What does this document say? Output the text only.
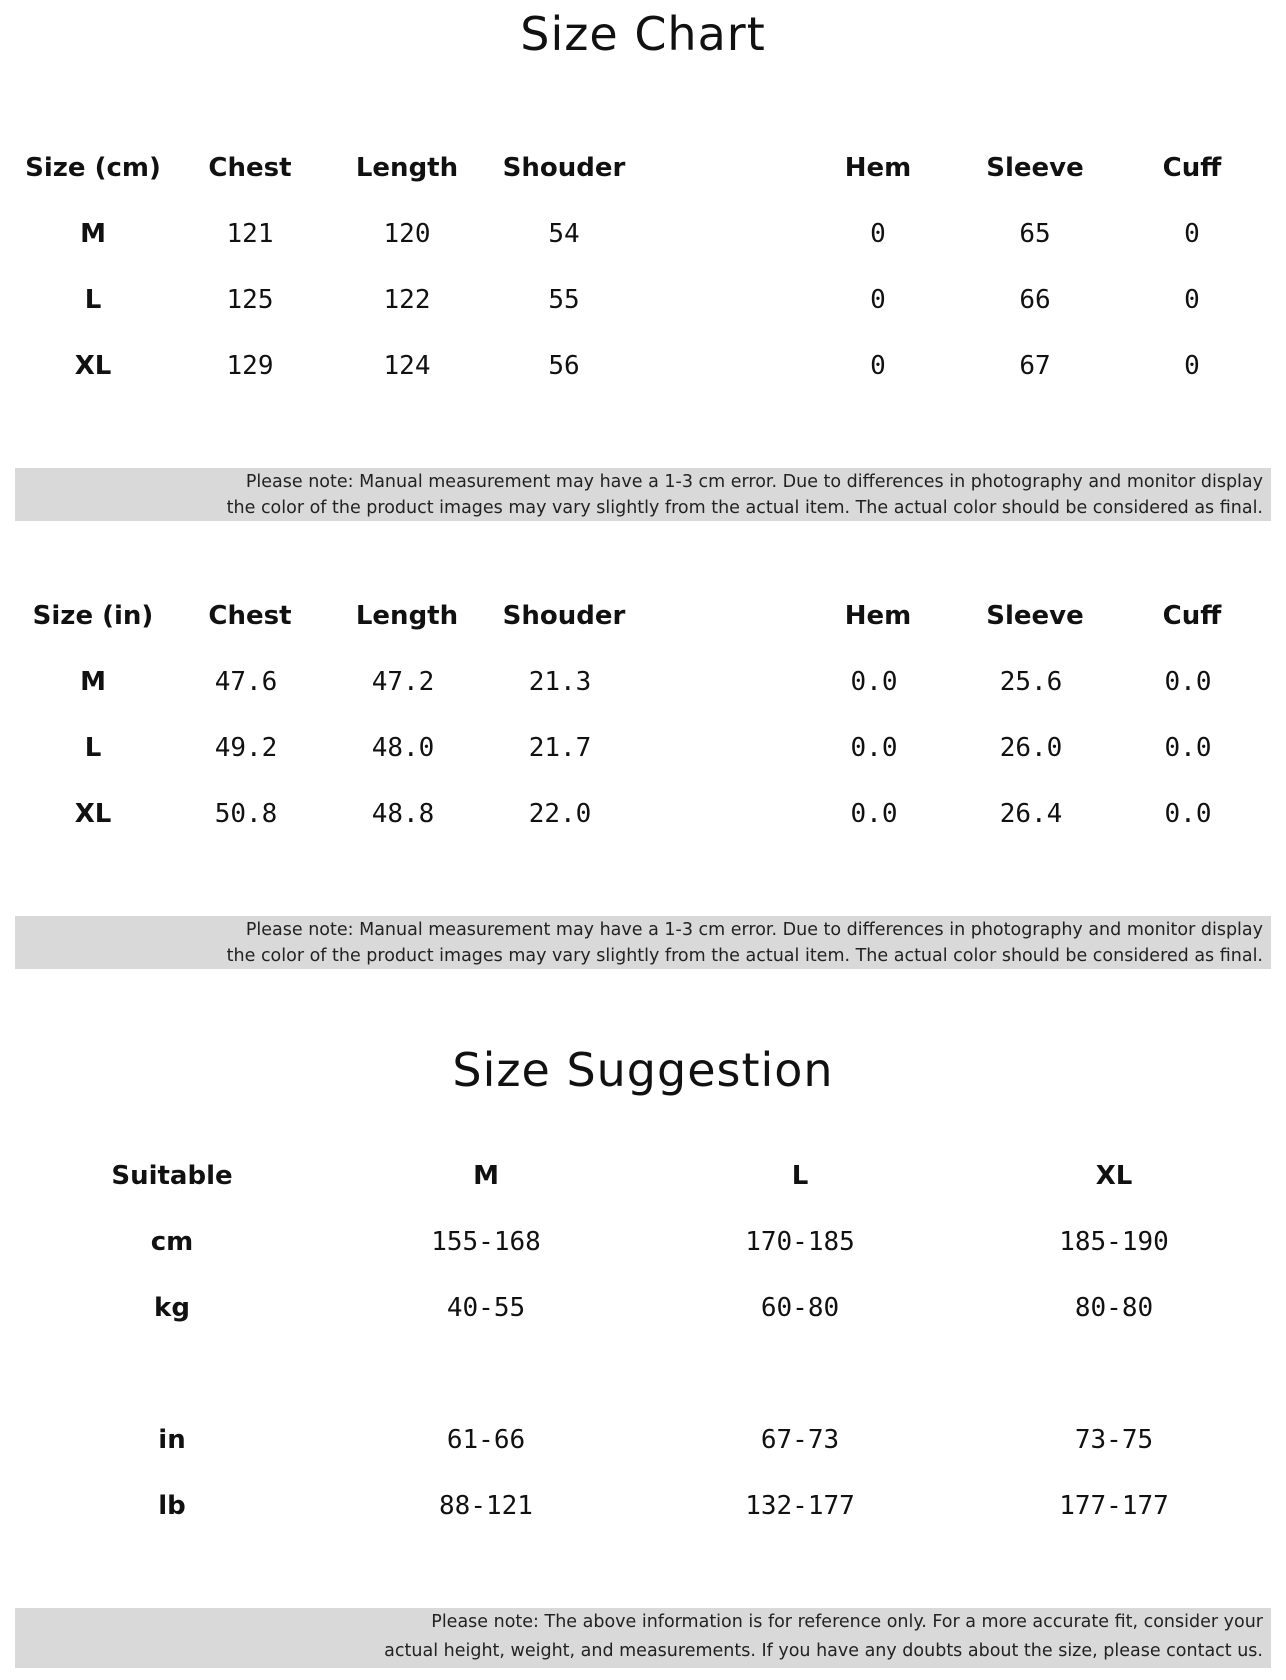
Size Chart
Size (cm)	Chest	Length	Shouder	Hem	Sleeve	Cuff
M	121	120	54	0	65	0
L	125	122	55	0	66	0
XL	129	124	56	0	67	0
Please note: Manual measurement may have a 1-3 cm error. Due to differences in photography and monitor display
the color of the product images may vary slightly from the actual item. The actual color should be considered as final.
Size (in)	Chest	Length	Shouder	Hem	Sleeve	Cuff
M	47.6	47.2	21.3	0.0	25.6	0.0
L	49.2	48.0	21.7	0.0	26.0	0.0
XL	50.8	48.8	22.0	0.0	26.4	0.0
Please note: Manual measurement may have a 1-3 cm error. Due to differences in photography and monitor display
the color of the product images may vary slightly from the actual item. The actual color should be considered as final.
Size Suggestion
Suitable	M	L	XL
cm	155-168	170-185	185-190
kg	40-55	60-80	80-80
in	61-66	67-73	73-75
lb	88-121	132-177	177-177
Please note: The above information is for reference only. For a more accurate fit, consider your
actual height, weight, and measurements. If you have any doubts about the size, please contact us.
